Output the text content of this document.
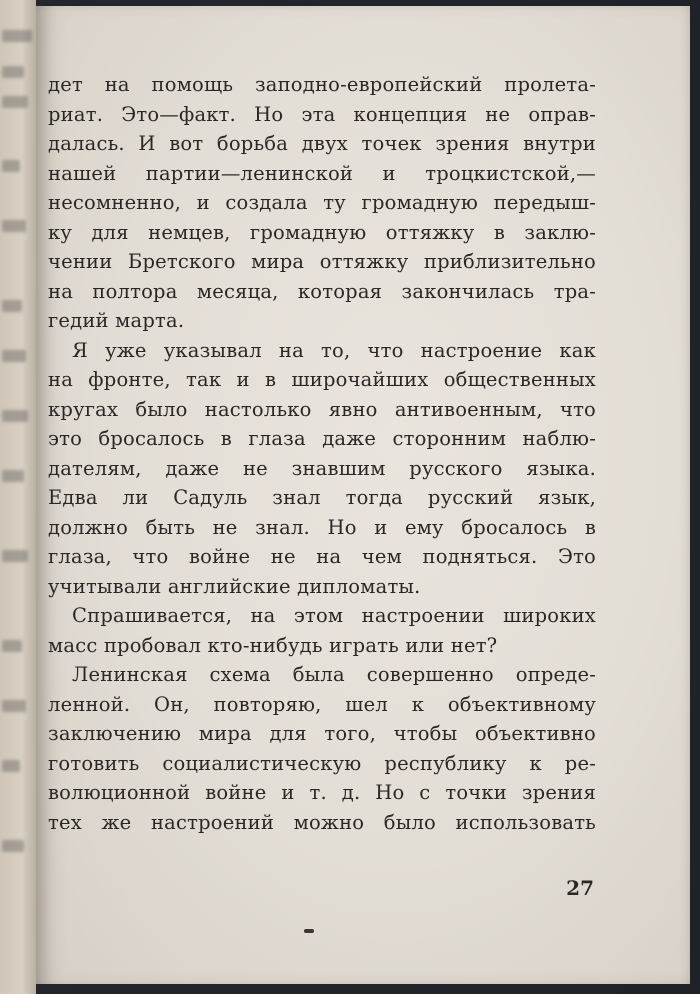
дет на помощь заподно-европейский пролета-
риат. Это—факт. Но эта концепция не оправ-
далась. И вот борьба двух точек зрения внутри
нашей партии—ленинской и троцкистской,—
несомненно, и создала ту громадную передыш-
ку для немцев, громадную оттяжку в заклю-
чении Бретского мира оттяжку приблизительно
на полтора месяца, которая закончилась тра-
гедий марта.
Я уже указывал на то, что настроение как
на фронте, так и в широчайших общественных
кругах было настолько явно антивоенным, что
это бросалось в глаза даже сторонним наблю-
дателям, даже не знавшим русского языка.
Едва ли Садуль знал тогда русский язык,
должно быть не знал. Но и ему бросалось в
глаза, что войне не на чем подняться. Это
учитывали английские дипломаты.
Спрашивается, на этом настроении широких
масс пробовал кто-нибудь играть или нет?
Ленинская схема была совершенно опреде-
ленной. Он, повторяю, шел к объективному
заключению мира для того, чтобы объективно
готовить социалистическую республику к ре-
волюционной войне и т. д. Но с точки зрения
тех же настроений можно было использовать
27
